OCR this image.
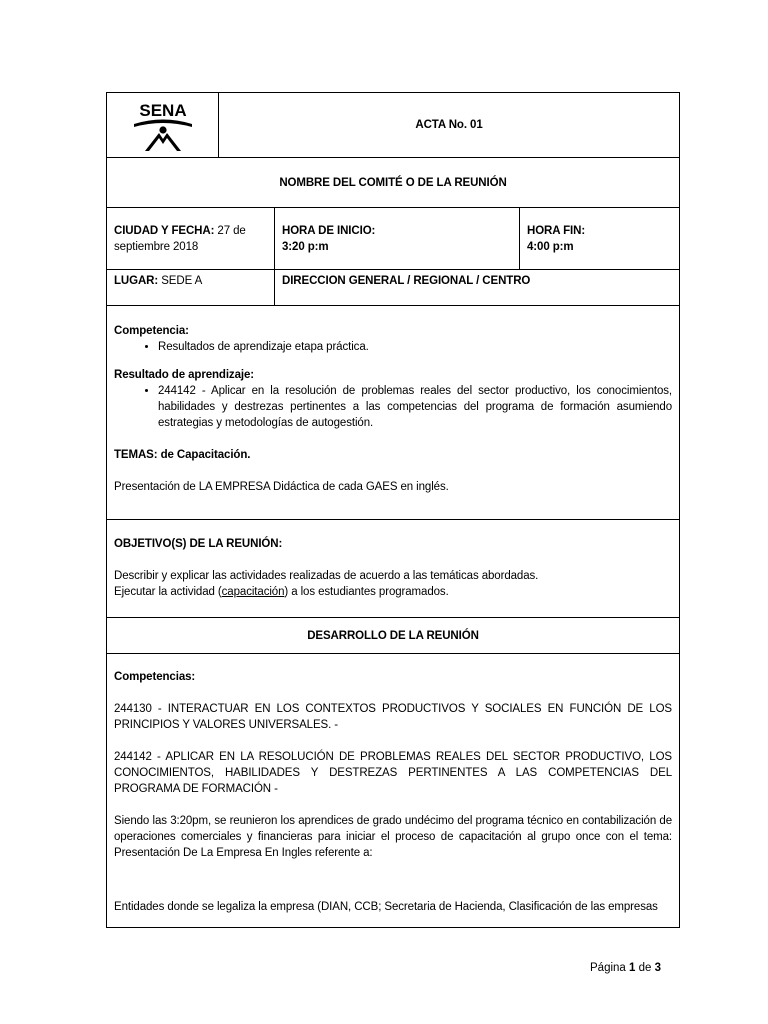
SENA
ACTA No. 01
NOMBRE DEL COMITÉ O DE LA REUNIÓN
CIUDAD Y FECHA: 27 de
septiembre 2018
HORA DE INICIO:
3:20 p:m
HORA FIN:
4:00 p:m
LUGAR: SEDE A	DIRECCION GENERAL / REGIONAL / CENTRO
Competencia:
• Resultados de aprendizaje etapa práctica.
Resultado de aprendizaje:
• 244142 - Aplicar en la resolución de problemas reales del sector productivo, los conocimientos, habilidades y destrezas pertinentes a las competencias del programa de formación asumiendo estrategias y metodologías de autogestión.
TEMAS: de Capacitación.
Presentación de LA EMPRESA Didáctica de cada GAES en inglés.
OBJETIVO(S) DE LA REUNIÓN:
Describir y explicar las actividades realizadas de acuerdo a las temáticas abordadas.
Ejecutar la actividad (capacitación) a los estudiantes programados.
DESARROLLO DE LA REUNIÓN
Competencias:
244130 - INTERACTUAR EN LOS CONTEXTOS PRODUCTIVOS Y SOCIALES EN FUNCIÓN DE LOS PRINCIPIOS Y VALORES UNIVERSALES. -
244142 - APLICAR EN LA RESOLUCIÓN DE PROBLEMAS REALES DEL SECTOR PRODUCTIVO, LOS CONOCIMIENTOS, HABILIDADES Y DESTREZAS PERTINENTES A LAS COMPETENCIAS DEL PROGRAMA DE FORMACIÓN -
Siendo las 3:20pm, se reunieron los aprendices de grado undécimo del programa técnico en contabilización de operaciones comerciales y financieras para iniciar el proceso de capacitación al grupo once con el tema: Presentación De La Empresa En Ingles referente a:
Entidades donde se legaliza la empresa (DIAN, CCB; Secretaria de Hacienda, Clasificación de las empresas
Página 1 de 3
